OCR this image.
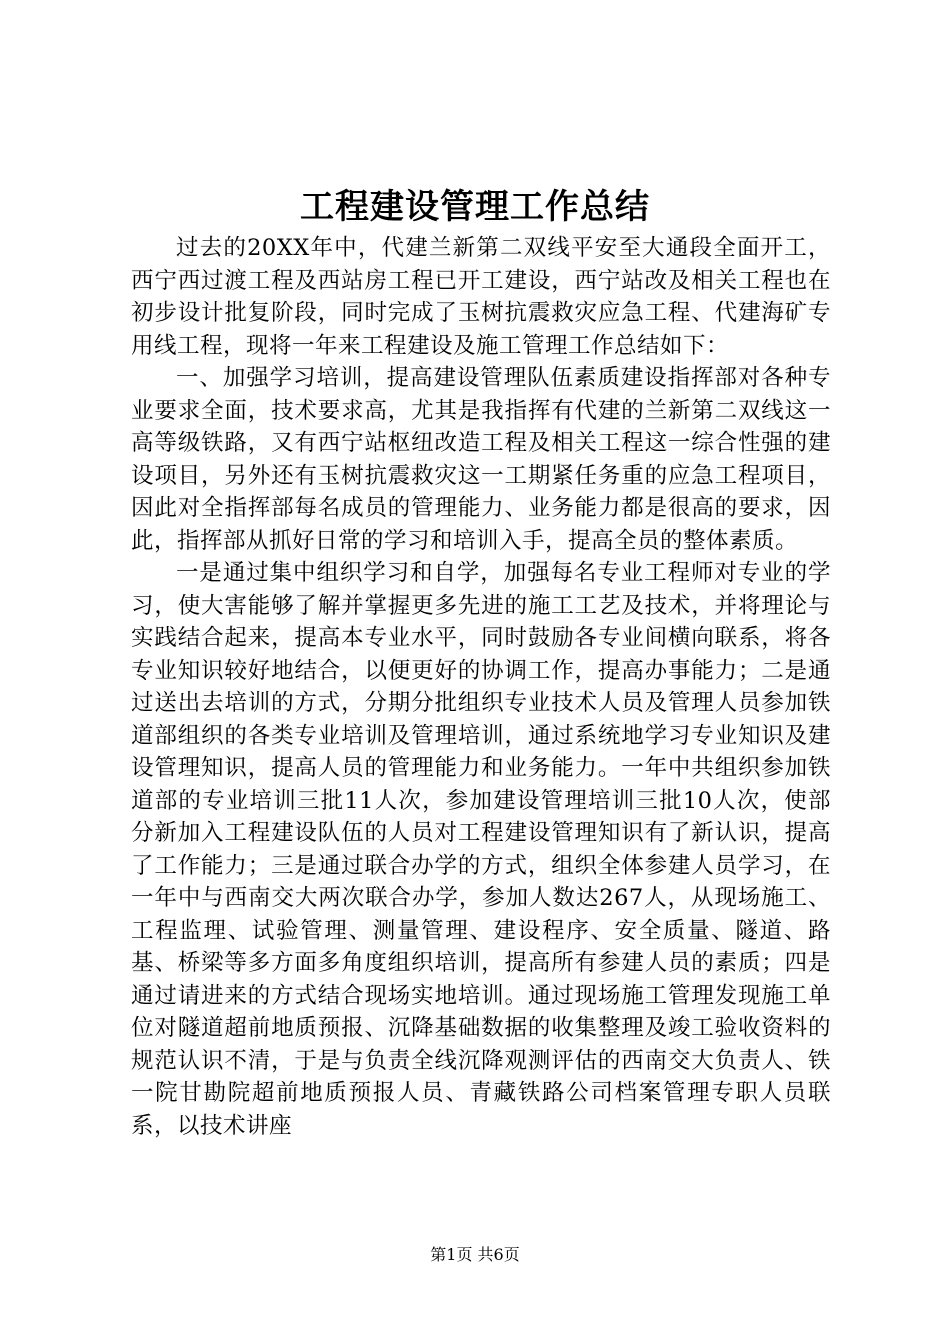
工程建设管理工作总结

过去的20XX年中，代建兰新第二双线平安至大通段全面开工，西宁西过渡工程及西站房工程已开工建设，西宁站改及相关工程也在初步设计批复阶段，同时完成了玉树抗震救灾应急工程、代建海矿专用线工程，现将一年来工程建设及施工管理工作总结如下：

一、加强学习培训，提高建设管理队伍素质建设指挥部对各种专业要求全面，技术要求高，尤其是我指挥有代建的兰新第二双线这一高等级铁路，又有西宁站枢纽改造工程及相关工程这一综合性强的建设项目，另外还有玉树抗震救灾这一工期紧任务重的应急工程项目，因此对全指挥部每名成员的管理能力、业务能力都是很高的要求，因此，指挥部从抓好日常的学习和培训入手，提高全员的整体素质。

一是通过集中组织学习和自学，加强每名专业工程师对专业的学习，使大害能够了解并掌握更多先进的施工工艺及技术，并将理论与实践结合起来，提高本专业水平，同时鼓励各专业间横向联系，将各专业知识较好地结合，以便更好的协调工作，提高办事能力；二是通过送出去培训的方式，分期分批组织专业技术人员及管理人员参加铁道部组织的各类专业培训及管理培训，通过系统地学习专业知识及建设管理知识，提高人员的管理能力和业务能力。一年中共组织参加铁道部的专业培训三批11人次，参加建设管理培训三批10人次，使部分新加入工程建设队伍的人员对工程建设管理知识有了新认识，提高了工作能力；三是通过联合办学的方式，组织全体参建人员学习，在一年中与西南交大两次联合办学，参加人数达267人，从现场施工、工程监理、试验管理、测量管理、建设程序、安全质量、隧道、路基、桥梁等多方面多角度组织培训，提高所有参建人员的素质；四是通过请进来的方式结合现场实地培训。通过现场施工管理发现施工单位对隧道超前地质预报、沉降基础数据的收集整理及竣工验收资料的规范认识不清，于是与负责全线沉降观测评估的西南交大负责人、铁一院甘勘院超前地质预报人员、青藏铁路公司档案管理专职人员联系，以技术讲座

第1页 共6页
